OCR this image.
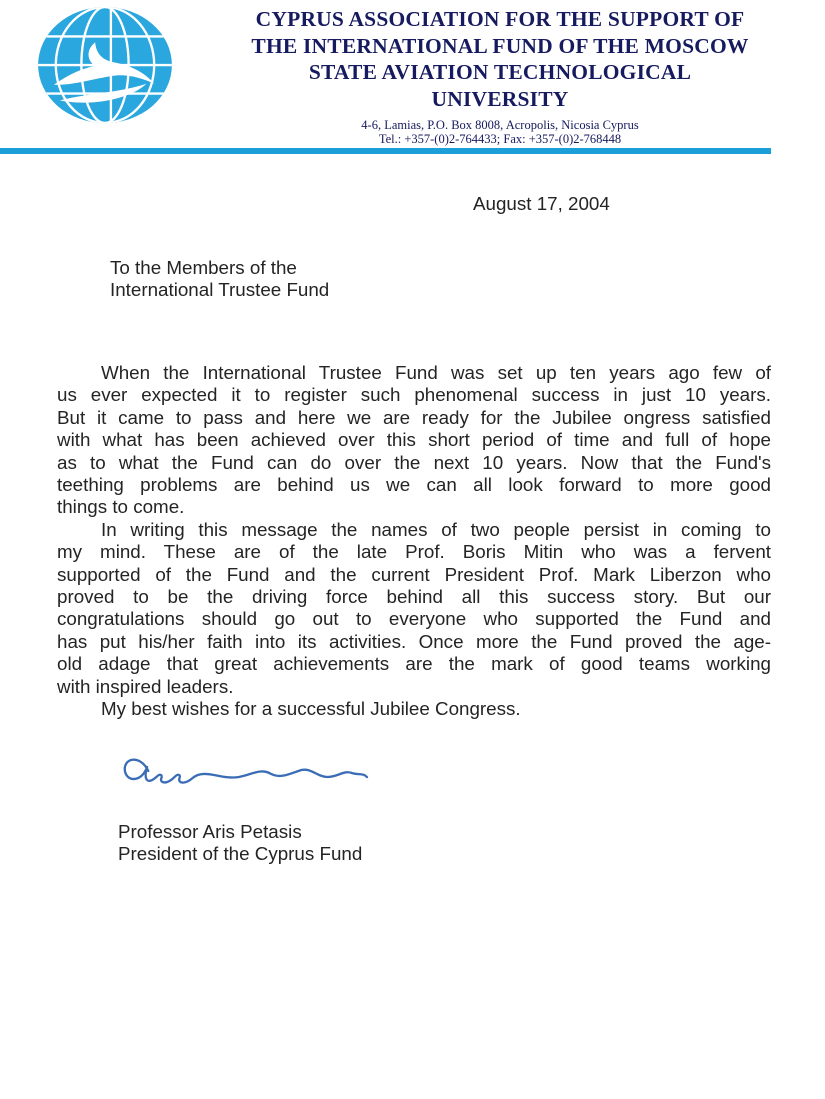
CYPRUS ASSOCIATION FOR THE SUPPORT OF
THE INTERNATIONAL FUND OF THE MOSCOW
STATE AVIATION TECHNOLOGICAL
UNIVERSITY
4-6, Lamias, P.O. Box 8008, Acropolis, Nicosia Cyprus
Tel.: +357-(0)2-764433; Fax: +357-(0)2-768448
August 17, 2004
To the Members of the
International Trustee Fund
When the International Trustee Fund was set up ten years ago few of
us ever expected it to register such phenomenal success in just 10 years.
But it came to pass and here we are ready for the Jubilee ongress satisfied
with what has been achieved over this short period of time and full of hope
as to what the Fund can do over the next 10 years. Now that the Fund's
teething problems are behind us we can all look forward to more good
things to come.
In writing this message the names of two people persist in coming to
my mind. These are of the late Prof. Boris Mitin who was a fervent
supported of the Fund and the current President Prof. Mark Liberzon who
proved to be the driving force behind all this success story. But our
congratulations should go out to everyone who supported the Fund and
has put his/her faith into its activities. Once more the Fund proved the age-
old adage that great achievements are the mark of good teams working
with inspired leaders.
My best wishes for a successful Jubilee Congress.
Professor Aris Petasis
President of the Cyprus Fund
